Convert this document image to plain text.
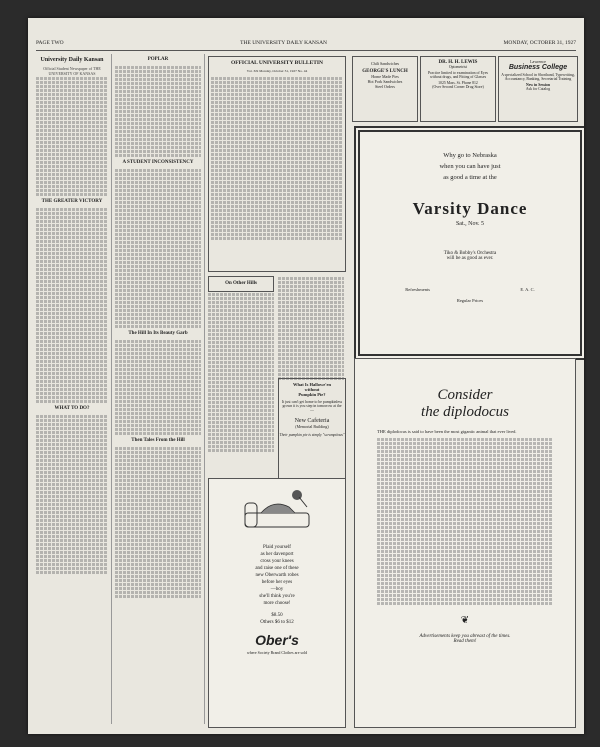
PAGE TWO	THE UNIVERSITY DAILY KANSAN	MONDAY, OCTOBER 31, 1927
University Daily Kansan
Official Student Newspaper of THE UNIVERSITY OF KANSAS
THE GREATER VICTORY
WHAT TO DO?
POPLAR
A STUDENT INCONSISTENCY
The Hill In Its Beauty Garb
Then Tales From the Hill
OFFICIAL UNIVERSITY BULLETIN
Vol. XX Monday, October 31, 1927 No. 44
On Other Hills
What Is Hallowe'en
without
Pumpkin Pie?
It just can't get home to be pumpkinless grown it is you step in tomorrow at the —
New Cafeteria
(Memorial Building)
Their pumpkin pie is simply "scrumptious"
Plaid yourself
as her davenport
cross your knees
and raise one of these
new Oberwarth robes
before her eyes
—boy
she'll think you're
more choose!
$8.50
Others $6 to $12
Ober's
where Society Brand Clothes are sold
Chili Sandwiches
GEORGE'S LUNCH
Home Made Pies
Hot Pork Sandwiches
Steel Orders
DR. H. H. LEWIS
Optometrist
Practice limited to examination of Eyes without drugs, and Fitting of Glasses
1025 Mass. St. Phone 812
(Over Second Corner Drug Store)
Lawrence
Business College
A specialized School in Shorthand, Typewriting, Accountancy, Banking, Secretarial Training
New in Session
Ask for Catalog
Why go to Nebraska
when you can have just
as good a time at the
Varsity Dance
Sat., Nov. 5
Tiko & Bobby's Orchestra
will be as good as ever.
Refreshments	E. A. C.
Regular Prices
Consider
the diplodocus
THE diplodocus is said to have been the most gigantic animal that ever lived.
❦
Advertisements keep you abreast of the times.
Read them!
